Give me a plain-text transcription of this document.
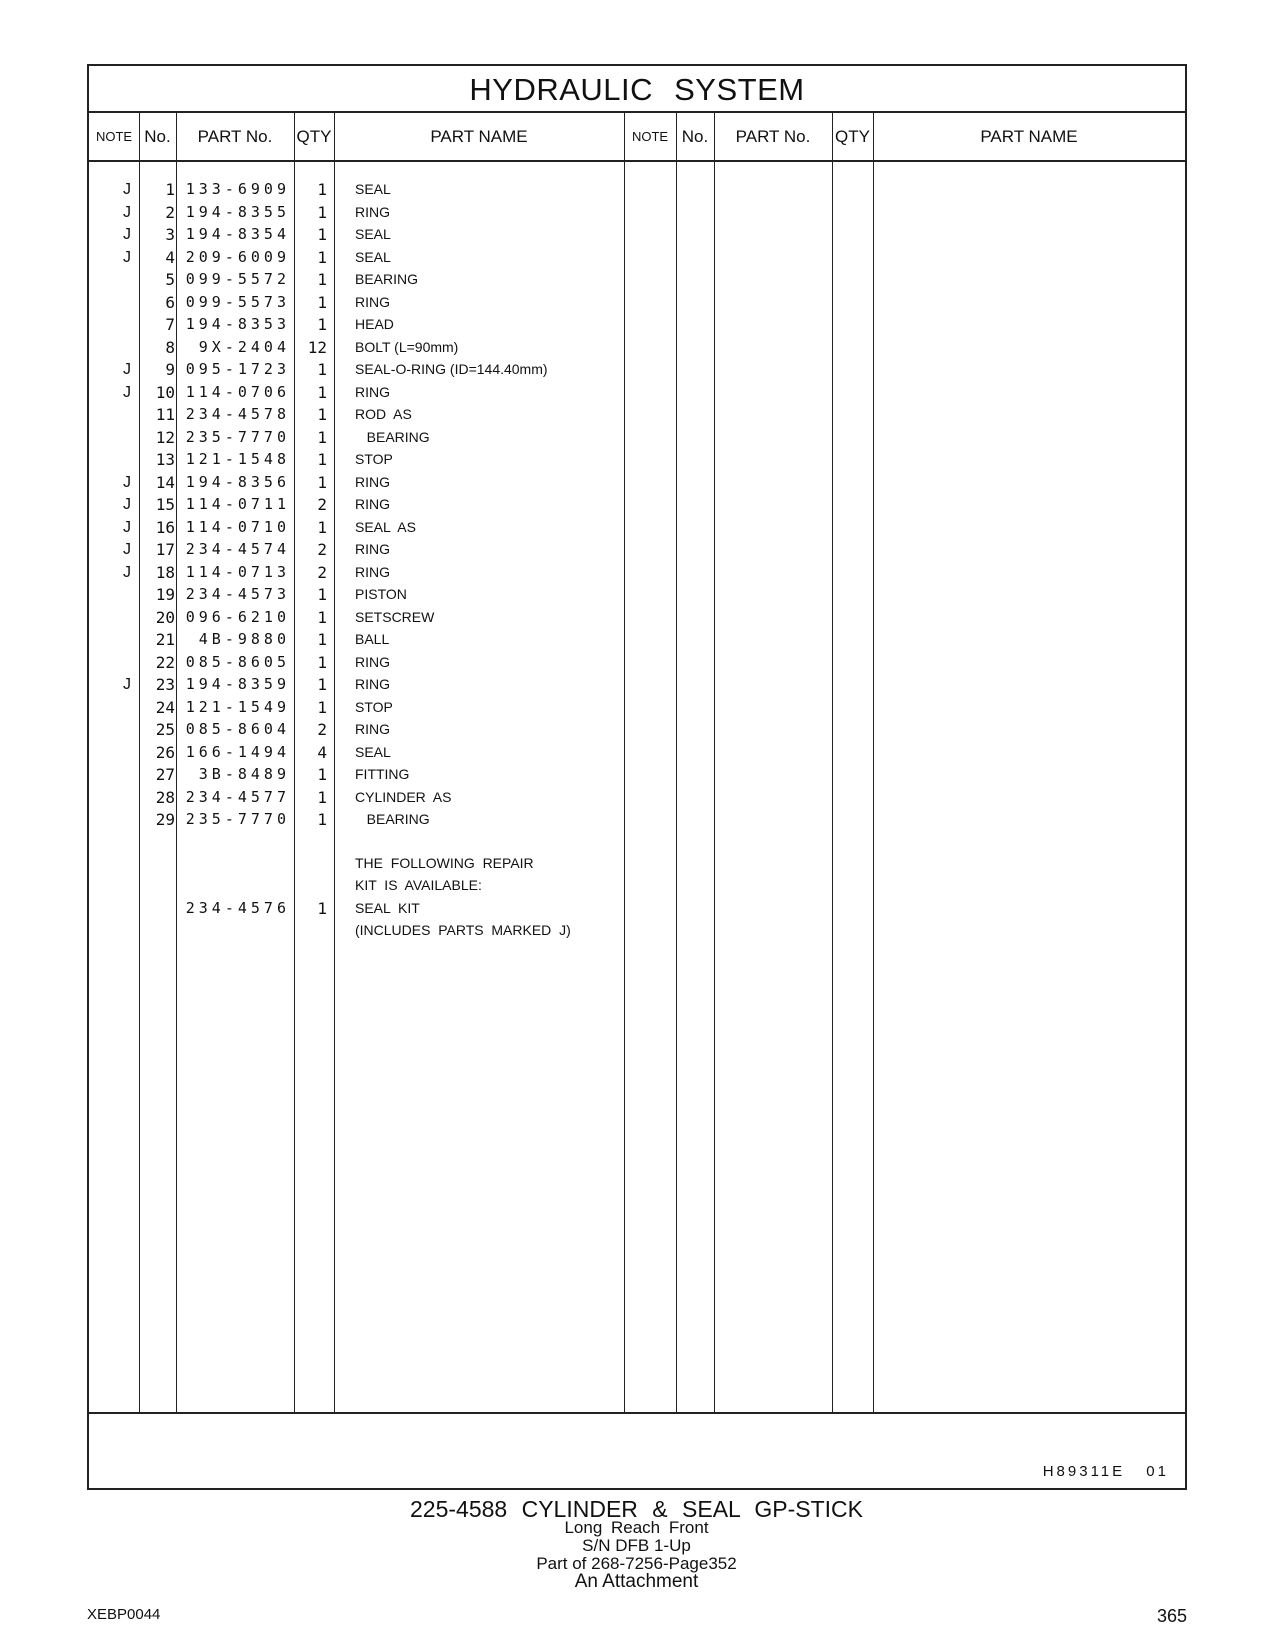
HYDRAULIC SYSTEM
NOTE No.	PART No.	QTY	PART NAME	NOTE No.	PART No.	QTY	PART NAME
J	1 133-6909	1 SEAL
J	2 194-8355	1 RING
J	3 194-8354	1 SEAL
J	4 209-6009	1 SEAL
5 099-5572	1 BEARING
6 099-5573	1 RING
7 194-8353	1 HEAD
8	9X-2404	12 BOLT (L=90mm)
J	9 095-1723	1 SEAL-O-RING (ID=144.40mm)
J	10 114-0706	1 RING
11 234-4578	1 ROD  AS
12 235-7770	1 BEARING
13 121-1548	1 STOP
J	14 194-8356	1 RING
J	15 114-0711	2 RING
J	16 114-0710	1 SEAL  AS
J	17 234-4574	2 RING
J	18 114-0713	2 RING
19 234-4573	1 PISTON
20 096-6210	1 SETSCREW
21	4B-9880	1 BALL
22 085-8605	1 RING
J	23 194-8359	1 RING
24 121-1549	1 STOP
25 085-8604	2 RING
26 166-1494	4 SEAL
27	3B-8489	1 FITTING
28 234-4577	1 CYLINDER  AS
29 235-7770	1 BEARING
THE  FOLLOWING  REPAIR
KIT  IS  AVAILABLE:
234-4576	1 SEAL  KIT
(INCLUDES  PARTS  MARKED  J)
H89311E 01
225-4588 CYLINDER & SEAL GP-STICK
Long Reach Front
S/N DFB 1-Up
Part of 268-7256-Page352
An Attachment
XEBP0044	365
